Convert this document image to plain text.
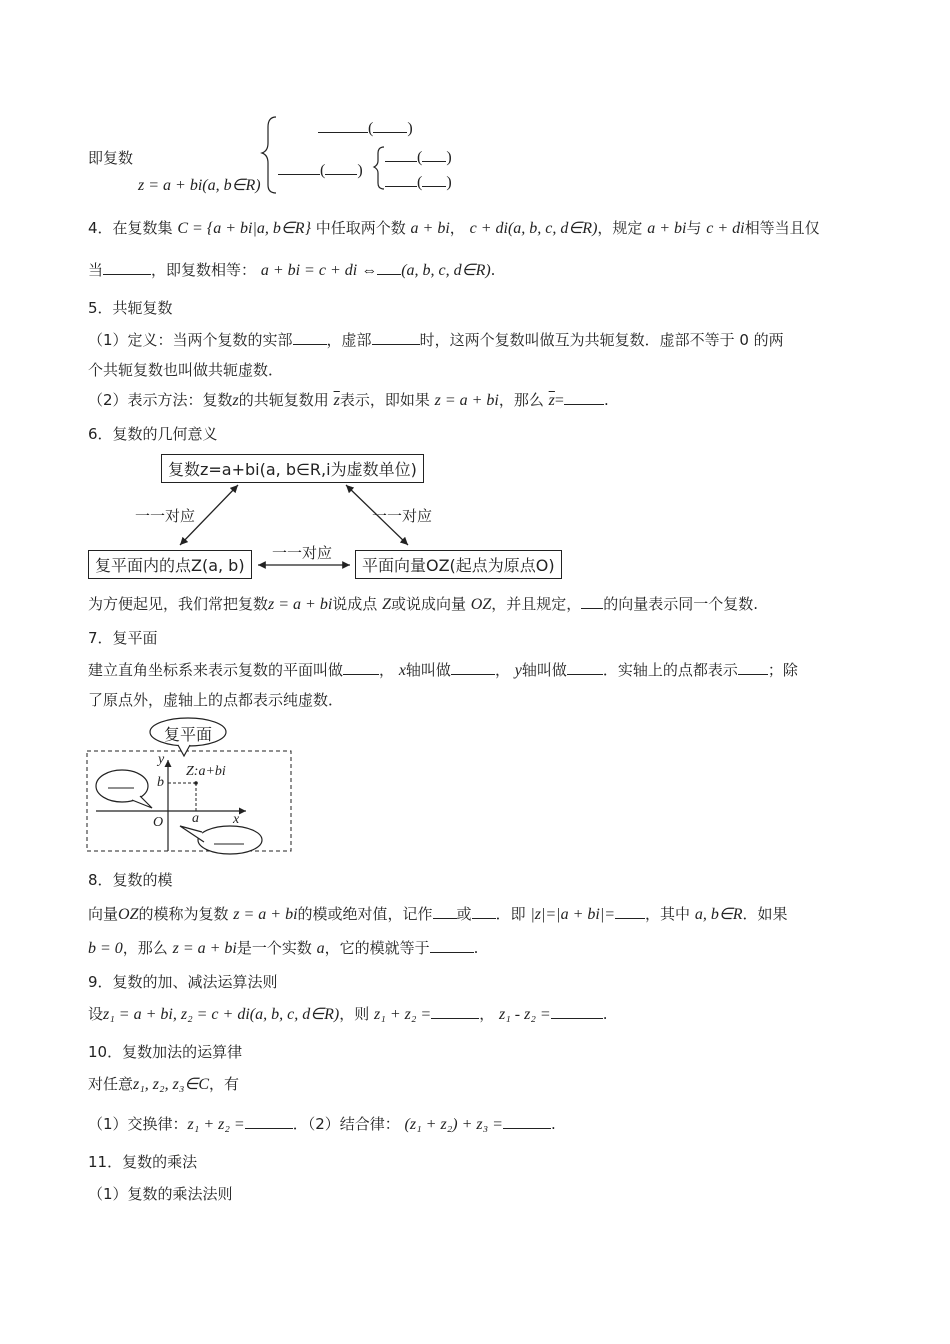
即复数
z = a + bi(a, b∈R)
( )
( )
( )
( )
4．在复数集 C = {a + bi|a, b∈R} 中任取两个数 a + bi， c + di(a, b, c, d∈R)，规定 a + bi与 c + di相等当且仅
当	，即复数相等： a + bi = c + di ⇔ (a, b, c, d∈R).
5．共轭复数
（1）定义：当两个复数的实部 ，虚部	时，这两个复数叫做互为共轭复数．虚部不等于 0 的两
个共轭复数也叫做共轭虚数．
（2）表示方法：复数z的共轭复数用 $\overline{z}$表示，即如果 z = a + bi，那么 $\overline{z}=$	.
6．复数的几何意义
复数z=a+bi(a, b∈R,i为虚数单位)
复平面内的点Z(a, b)	平面向量OZ(起点为原点O)
一一对应	一一对应
一一对应
为方便起见，我们常把复数z = a + bi说成点 Z或说成向量 OZ，并且规定， 的向量表示同一个复数.
7．复平面
建立直角坐标系来表示复数的平面叫做 ， x轴叫做	， y轴叫做 ．实轴上的点都表示 ；除
了原点外，虚轴上的点都表示纯虚数．
复平面
y
x
O a
b
Z:a+bi
8．复数的模
向量OZ的模称为复数 z = a + bi的模或绝对值，记作 或 ．即 |z|=|a + bi|= ，其中 a, b∈R．如果
b = 0，那么 z = a + bi是一个实数 a，它的模就等于	.
9．复数的加、减法运算法则
设z₁ = a + bi, z₂ = c + di(a, b, c, d∈R)，则 z₁ + z₂ =	， z₁ - z₂ =	.
10．复数加法的运算律
对任意z₁, z₂, z₃∈C，有
（1）交换律：z₁ + z₂ =	．（2）结合律： (z₁ + z₂) + z₃ =	.
11．复数的乘法
（1）复数的乘法法则
